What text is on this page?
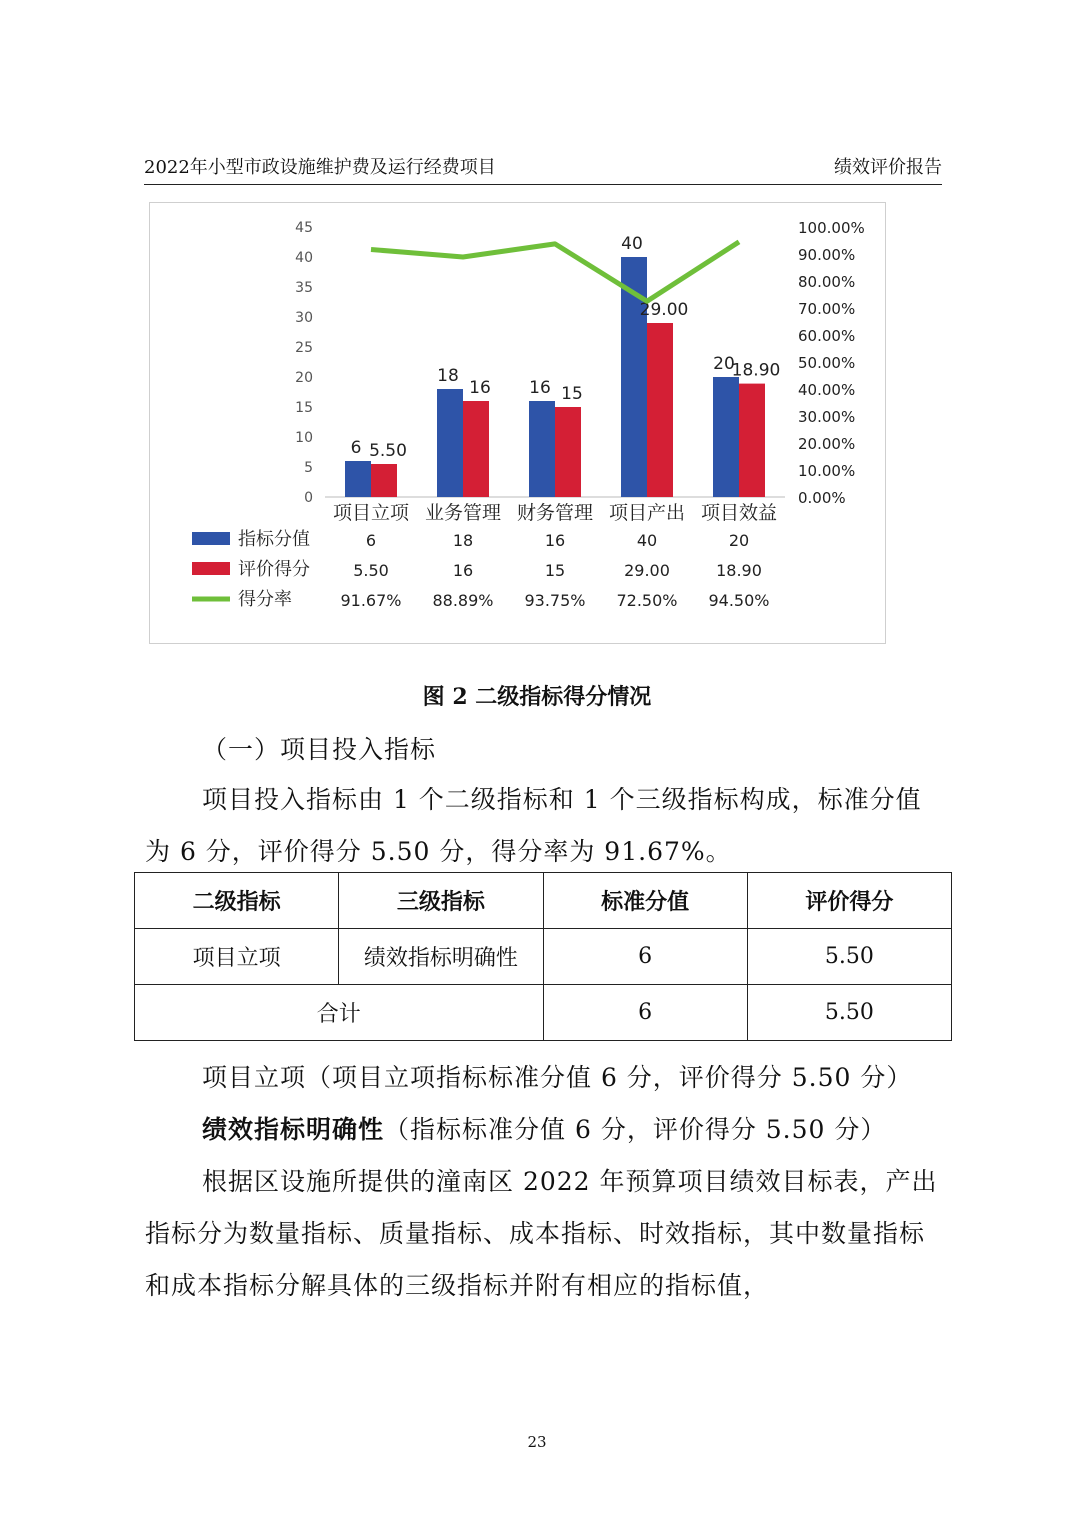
2022年小型市政设施维护费及运行经费项目	绩效评价报告
0
5
10
15
20
25
30
35
40
45
0.00%
10.00%
20.00%
30.00%
40.00%
50.00%
60.00%
70.00%
80.00%
90.00%
100.00%
6
18
16
40
20
5.50
16	15
29.00
18.90
项目立项 业务管理 财务管理 项目产出 项目效益
指标分值	6	18	16	40	20
评价得分	5.50	16	15	29.00	18.90
得分率	91.67% 88.89% 93.75% 72.50% 94.50%
图 2 二级指标得分情况
（一）项目投入指标
项目投入指标由 1 个二级指标和 1 个三级指标构成，标准分值为 6 分，评价得分 5.50 分，得分率为 91.67%。
二级指标	三级指标	标准分值	评价得分
项目立项	绩效指标明确性	6	5.50
合计		6	5.50
项目立项（项目立项指标标准分值 6 分，评价得分 5.50 分）
绩效指标明确性（指标标准分值 6 分，评价得分 5.50 分）
根据区设施所提供的潼南区 2022 年预算项目绩效目标表，产出指标分为数量指标、质量指标、成本指标、时效指标，其中数量指标和成本指标分解具体的三级指标并附有相应的指标值，
23
